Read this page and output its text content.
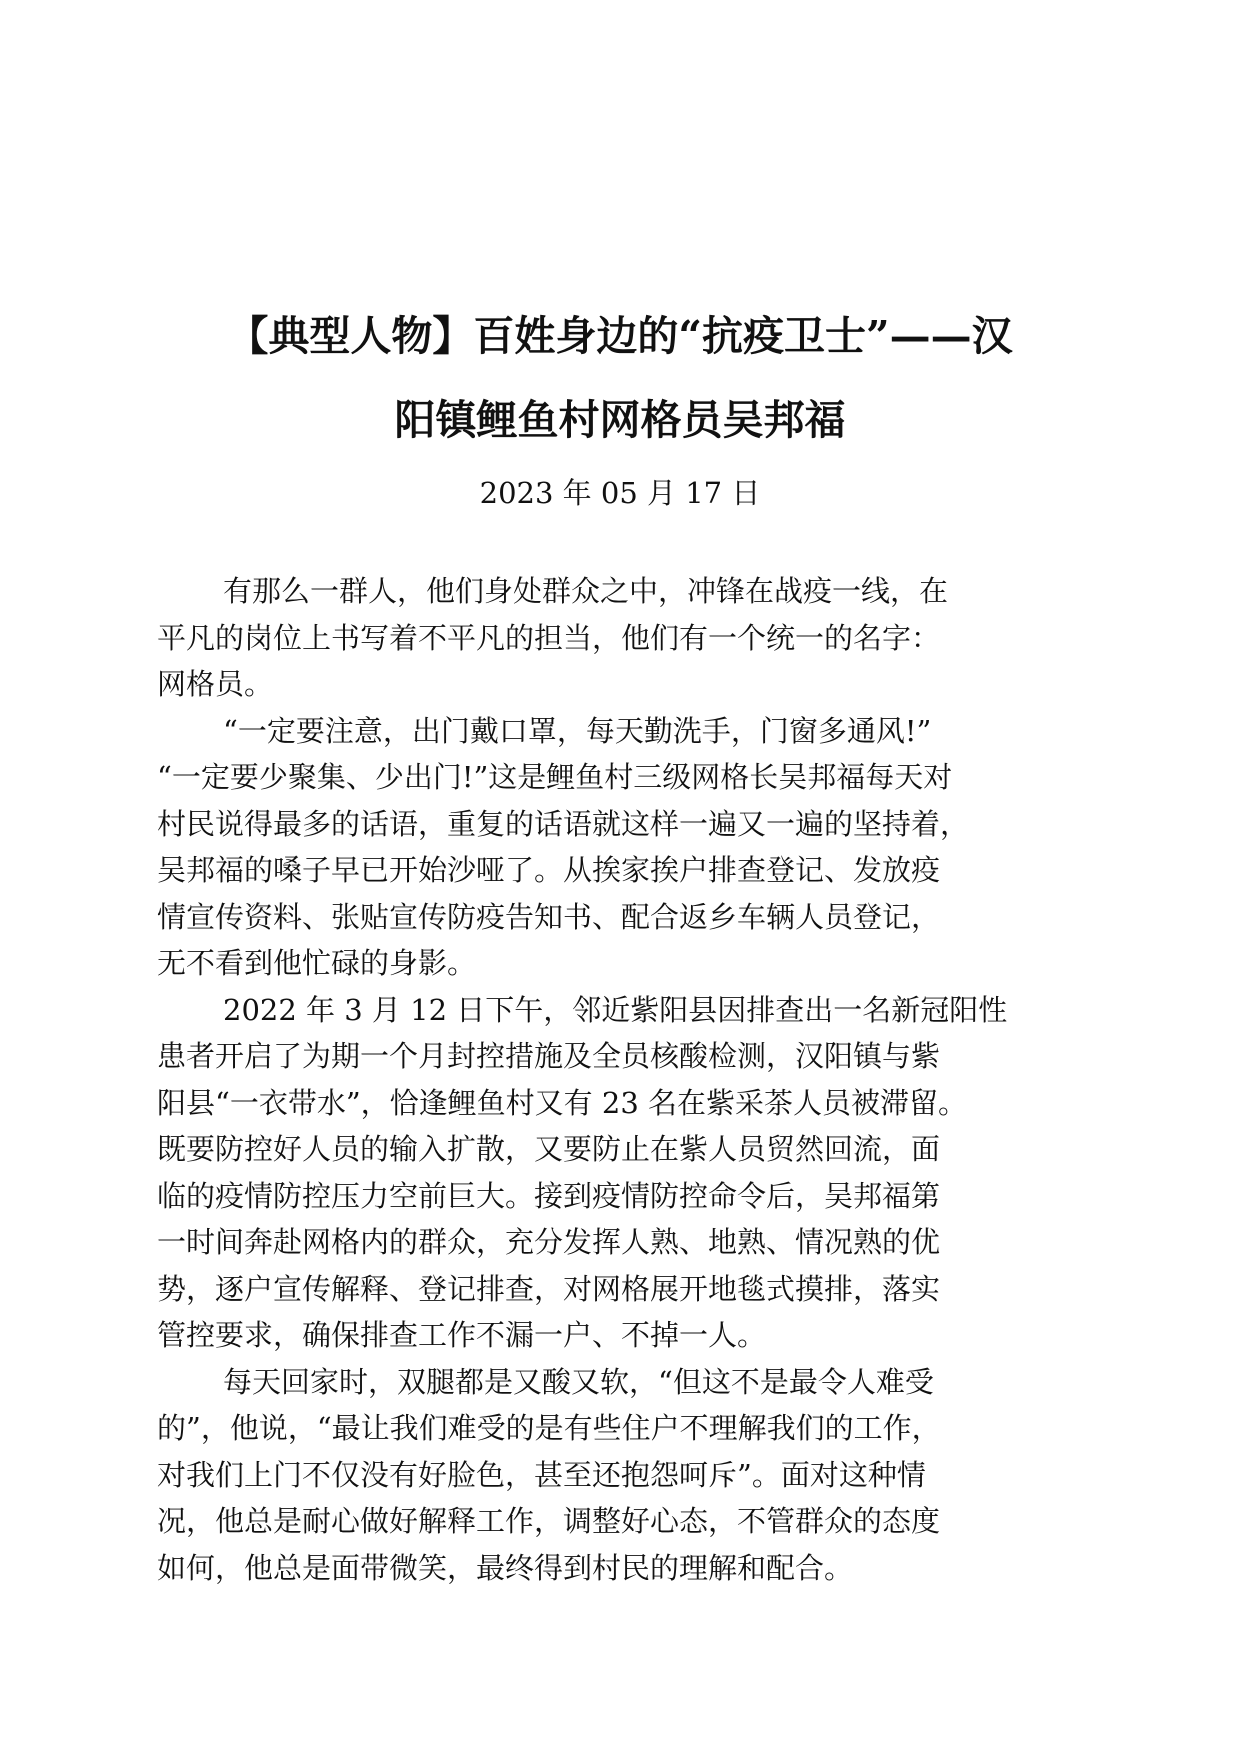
【典型人物】百姓身边的“抗疫卫士”——汉
阳镇鲤鱼村网格员吴邦福
2023 年 05 月 17 日

有那么一群人，他们身处群众之中，冲锋在战疫一线，在
平凡的岗位上书写着不平凡的担当，他们有一个统一的名字：
网格员。

“一定要注意，出门戴口罩，每天勤洗手，门窗多通风!”
“一定要少聚集、少出门!”这是鲤鱼村三级网格长吴邦福每天对
村民说得最多的话语，重复的话语就这样一遍又一遍的坚持着，
吴邦福的嗓子早已开始沙哑了。从挨家挨户排查登记、发放疫
情宣传资料、张贴宣传防疫告知书、配合返乡车辆人员登记，
无不看到他忙碌的身影。

2022 年 3 月 12 日下午，邻近紫阳县因排查出一名新冠阳性
患者开启了为期一个月封控措施及全员核酸检测，汉阳镇与紫
阳县“一衣带水”，恰逢鲤鱼村又有 23 名在紫采茶人员被滞留。
既要防控好人员的输入扩散，又要防止在紫人员贸然回流，面
临的疫情防控压力空前巨大。接到疫情防控命令后，吴邦福第
一时间奔赴网格内的群众，充分发挥人熟、地熟、情况熟的优
势，逐户宣传解释、登记排查，对网格展开地毯式摸排，落实
管控要求，确保排查工作不漏一户、不掉一人。

每天回家时，双腿都是又酸又软，“但这不是最令人难受
的”，他说，“最让我们难受的是有些住户不理解我们的工作，
对我们上门不仅没有好脸色，甚至还抱怨呵斥”。面对这种情
况，他总是耐心做好解释工作，调整好心态，不管群众的态度
如何，他总是面带微笑，最终得到村民的理解和配合。
